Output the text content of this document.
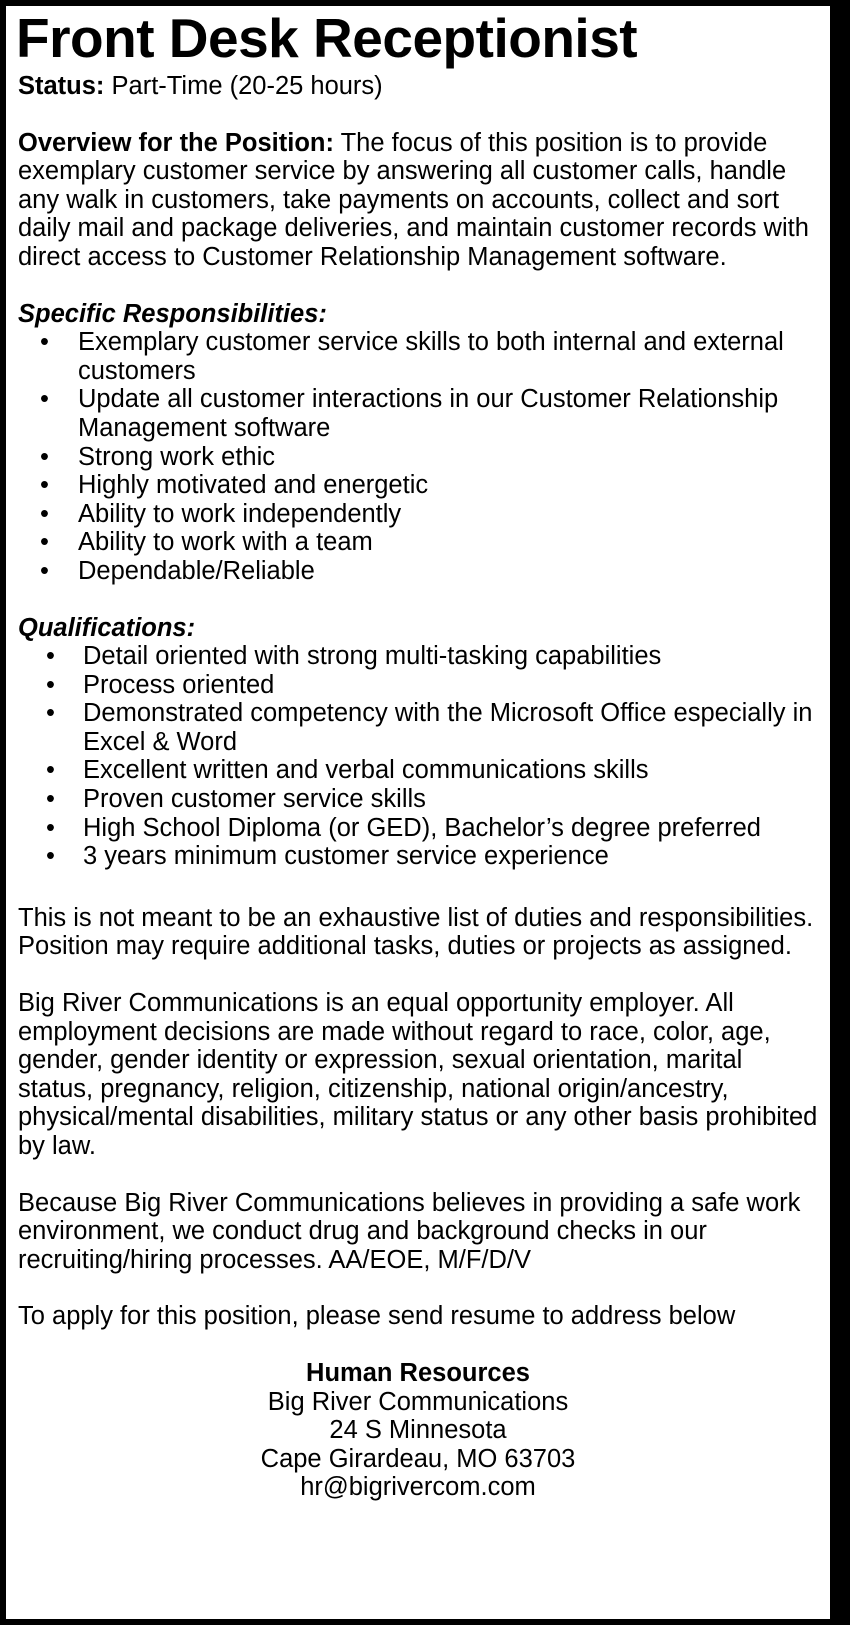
Front Desk Receptionist
Status: Part-Time (20-25 hours)
Overview for the Position: The focus of this position is to provide exemplary customer service by answering all customer calls, handle any walk in customers, take payments on accounts, collect and sort daily mail and package deliveries, and maintain customer records with direct access to Customer Relationship Management software.
Specific Responsibilities:
• Exemplary customer service skills to both internal and external customers
• Update all customer interactions in our Customer Relationship Management software
• Strong work ethic
• Highly motivated and energetic
• Ability to work independently
• Ability to work with a team
• Dependable/Reliable
Qualifications:
• Detail oriented with strong multi-tasking capabilities
• Process oriented
• Demonstrated competency with the Microsoft Office especially in Excel & Word
• Excellent written and verbal communications skills
• Proven customer service skills
• High School Diploma (or GED), Bachelor’s degree preferred
• 3 years minimum customer service experience
This is not meant to be an exhaustive list of duties and responsibilities. Position may require additional tasks, duties or projects as assigned.
Big River Communications is an equal opportunity employer. All employment decisions are made without regard to race, color, age, gender, gender identity or expression, sexual orientation, marital status, pregnancy, religion, citizenship, national origin/ancestry, physical/mental disabilities, military status or any other basis prohibited by law.
Because Big River Communications believes in providing a safe work environment, we conduct drug and background checks in our recruiting/hiring processes. AA/EOE, M/F/D/V
To apply for this position, please send resume to address below
Human Resources
Big River Communications
24 S Minnesota
Cape Girardeau, MO 63703
hr@bigrivercom.com
